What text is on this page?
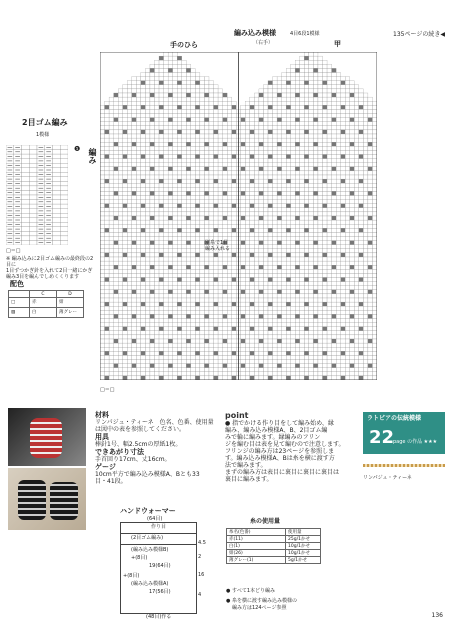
135ページの続き◀
編み込み模様	4目6段1模様
（右手）
手のひら	甲
別糸で1目
編み入れる
□＝□
2目ゴム編み
1模様
❶ 編み
□＝□
※ 編み込みに2目ゴム編みの最終段の2目に
1目ずつかぎ針を入れて2目一緒にかぎ
編み3目を編んでしめくくります
配色
	C	D
□	赤	紺
▨	白	薄グレー
材料
リンパジュ・ティーネ　色名、色番、使用量
は図中の表を参照してください。
用具
棒針1号、幅2.5cmの厚紙1枚。
できあがり寸法
手首回り17cm、丈16cm。
ゲージ
10cm平方で編み込み模様A、Bとも33
目・41段。
point
● 指でかける作り目をして編み始め、縁
編み、編み込み模様A、B、2目ゴム編
みで輪に編みます。縁編みのフリン
ジを編む目は表を見て編むので注意します。
フリンジの編み方は23ページを参照しま
す。編み込み模様A、Bは糸を横に渡す方
法で編みます。
まずの編み方は表目に裏目に裏目に裏目は
裏目に編みます。
ラトビアの伝統模様
22
page の作品 ★★★
リンパジュ・ティーネ
ハンドウォーマー
(64目)
作り目
(2目ゴム編み)
(編み込み模様B)
+(8目)
19(64目)
(編み込み模様A)
17(56目)
+(8目)
4.5
2
16
4
(48目)作る
糸の使用量
糸名(色番)	使用量
赤(11)	25g/1かせ
白(1)	10g/1かせ
紺(26)	10g/1かせ
薄グレー(1)	5g/1かせ
● すべて1本どり編み
● 糸を横に渡す編み込み模様の
編み方は124ページ参照
136
